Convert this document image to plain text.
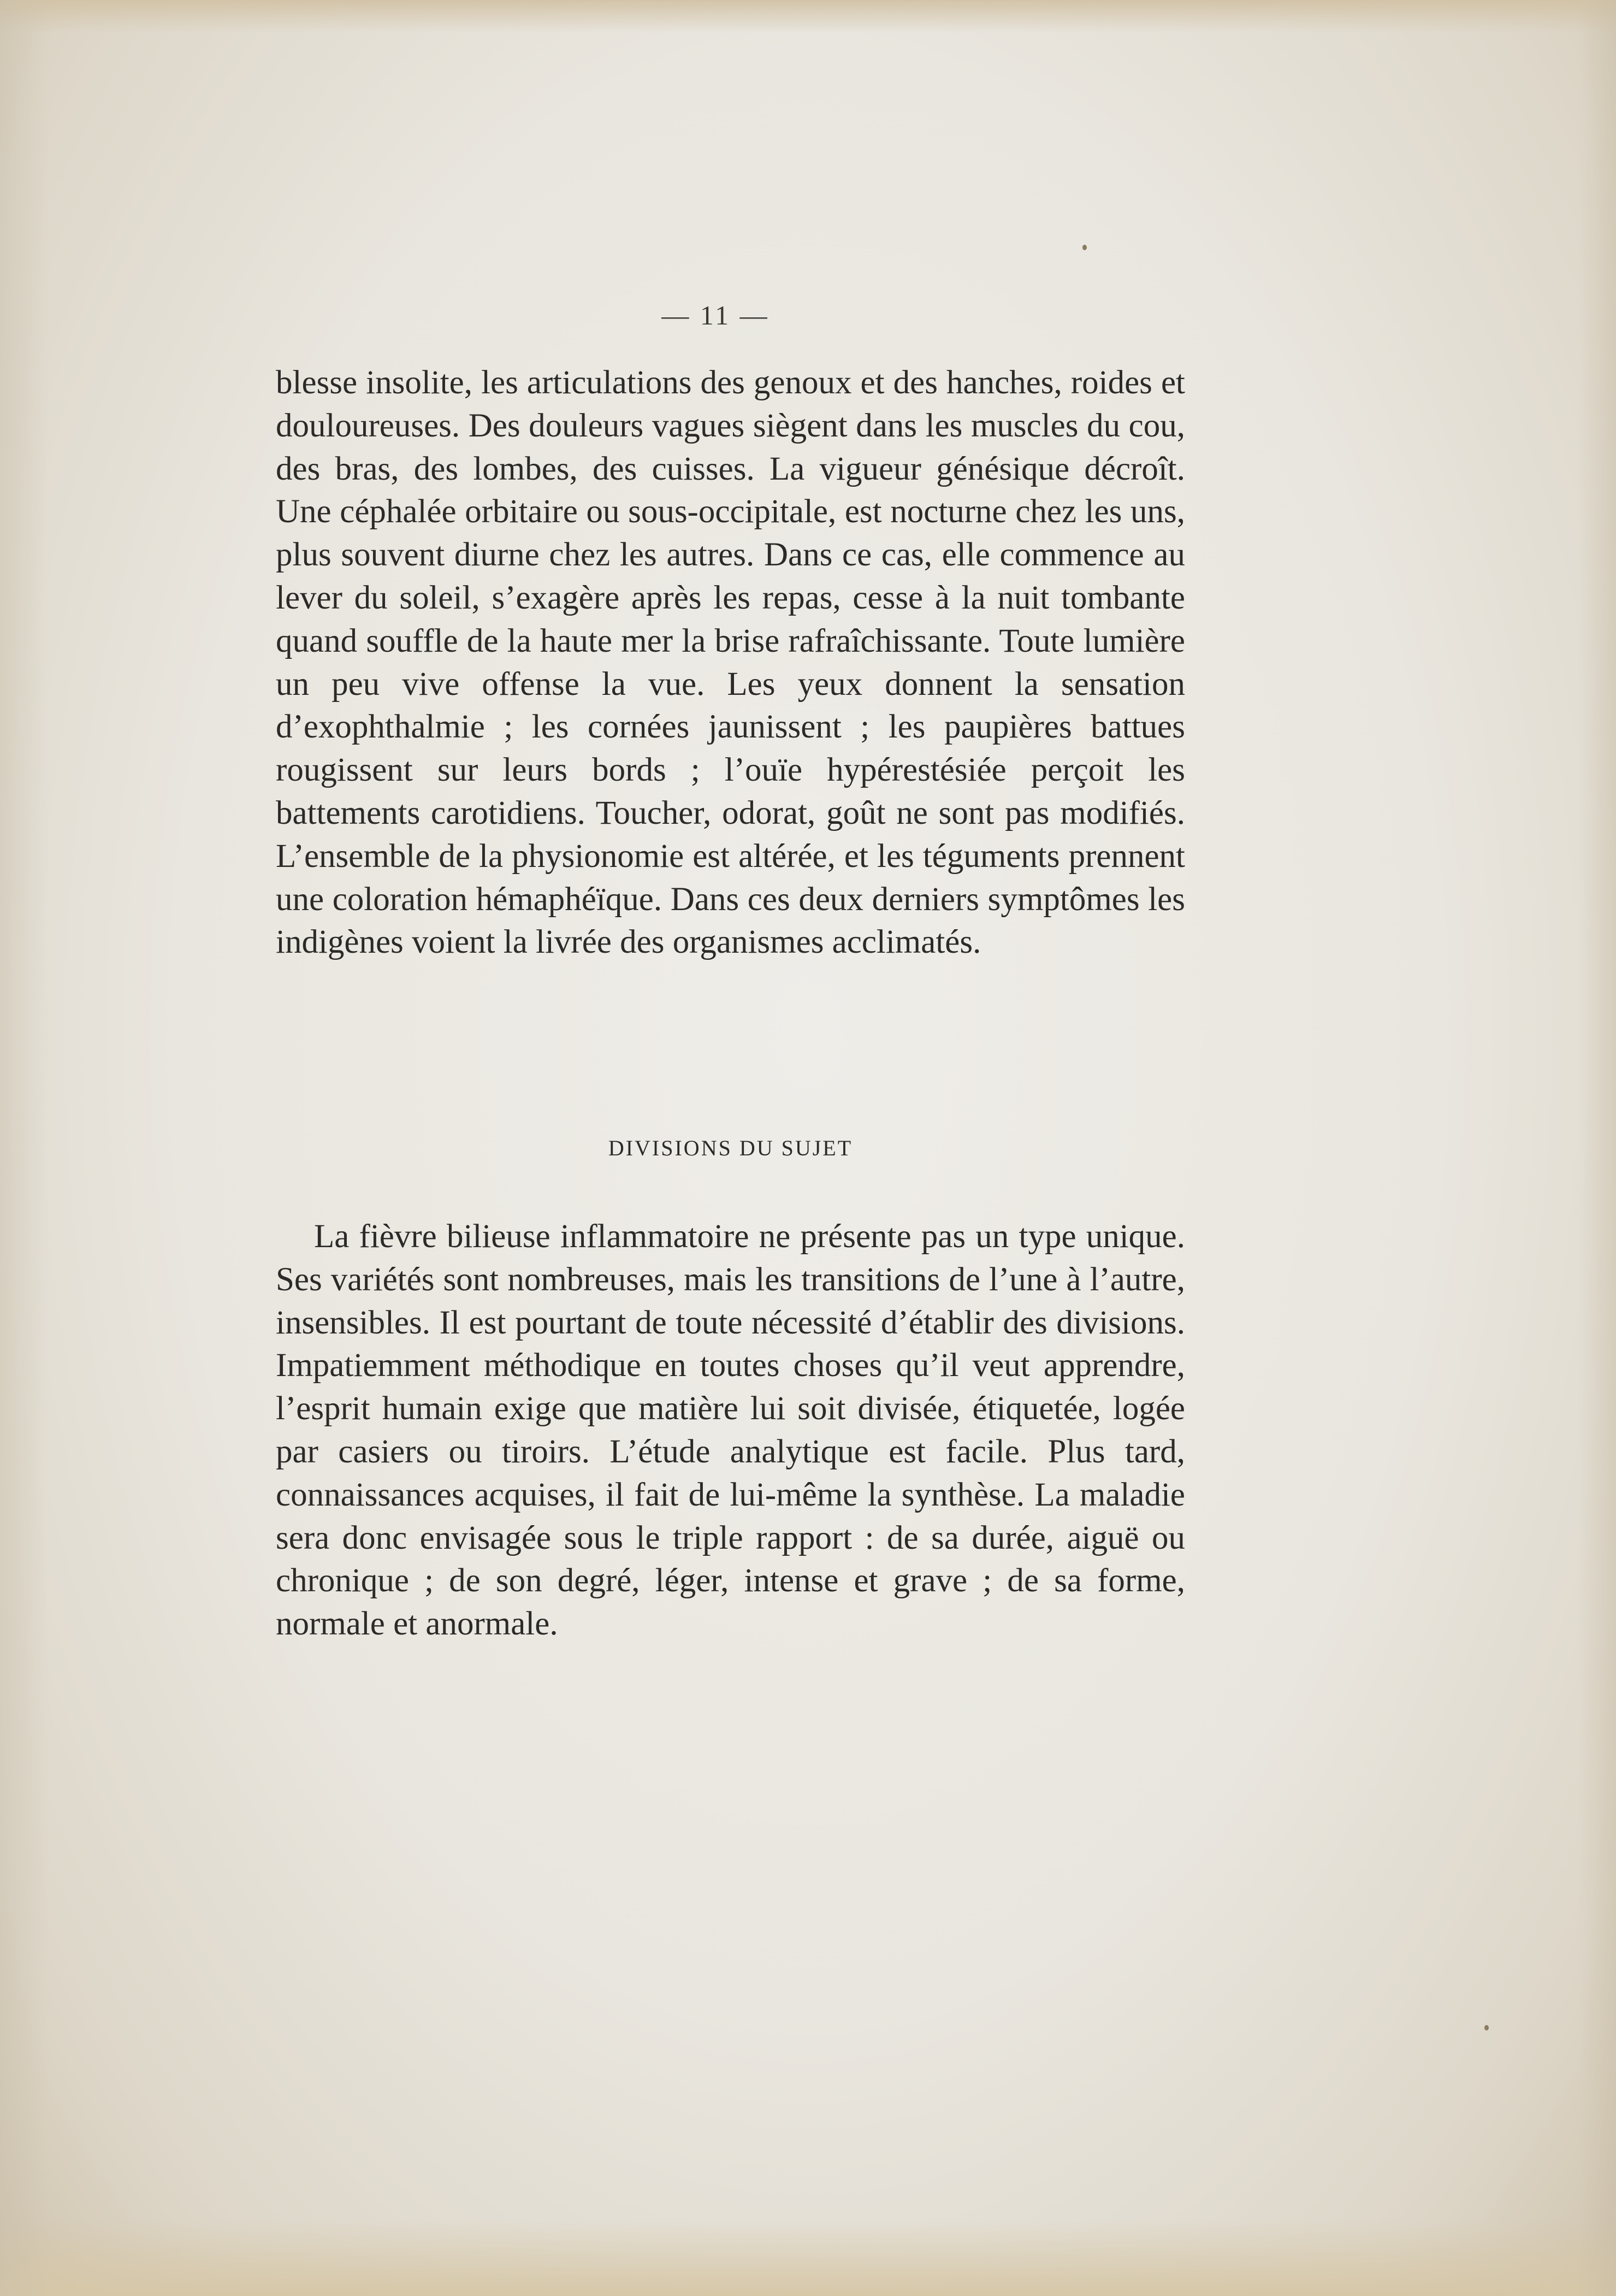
— 11 —

blesse insolite, les articulations des genoux et des hanches, roides et douloureuses. Des douleurs vagues siègent dans les muscles du cou, des bras, des lombes, des cuisses. La vigueur génésique décroît. Une céphalée orbitaire ou sous-occipitale, est nocturne chez les uns, plus souvent diurne chez les autres. Dans ce cas, elle commence au lever du soleil, s’exagère après les repas, cesse à la nuit tombante quand souffle de la haute mer la brise rafraîchissante. Toute lumière un peu vive offense la vue. Les yeux donnent la sensation d’exophthalmie ; les cornées jaunissent ; les paupières battues rougissent sur leurs bords ; l’ouïe hypérestésiée perçoit les battements carotidiens. Toucher, odorat, goût ne sont pas modifiés. L’ensemble de la physionomie est altérée, et les téguments prennent une coloration hémaphéïque. Dans ces deux derniers symptômes les indigènes voient la livrée des organismes acclimatés.

DIVISIONS DU SUJET

La fièvre bilieuse inflammatoire ne présente pas un type unique. Ses variétés sont nombreuses, mais les transitions de l’une à l’autre, insensibles. Il est pourtant de toute nécessité d’établir des divisions. Impatiemment méthodique en toutes choses qu’il veut apprendre, l’esprit humain exige que matière lui soit divisée, étiquetée, logée par casiers ou tiroirs. L’étude analytique est facile. Plus tard, connaissances acquises, il fait de lui-même la synthèse. La maladie sera donc envisagée sous le triple rapport : de sa durée, aiguë ou chronique ; de son degré, léger, intense et grave ; de sa forme, normale et anormale.
